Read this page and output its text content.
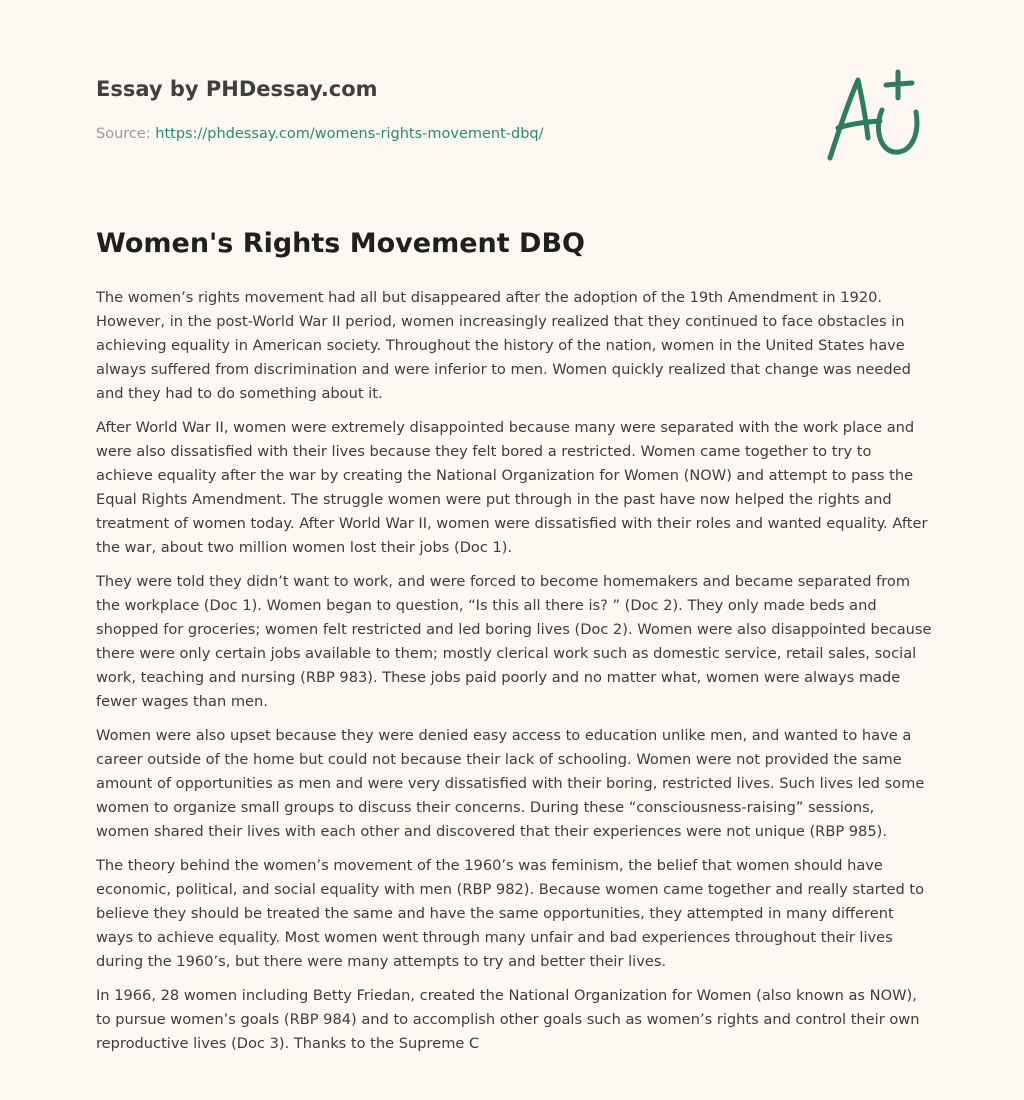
Essay by PHDessay.com
Source: https://phdessay.com/womens-rights-movement-dbq/
Women's Rights Movement DBQ

The women’s rights movement had all but disappeared after the adoption of the 19th Amendment in 1920. However, in the post-World War II period, women increasingly realized that they continued to face obstacles in achieving equality in American society. Throughout the history of the nation, women in the United States have always suffered from discrimination and were inferior to men. Women quickly realized that change was needed and they had to do something about it.

After World War II, women were extremely disappointed because many were separated with the work place and were also dissatisfied with their lives because they felt bored a restricted. Women came together to try to achieve equality after the war by creating the National Organization for Women (NOW) and attempt to pass the Equal Rights Amendment. The struggle women were put through in the past have now helped the rights and treatment of women today. After World War II, women were dissatisfied with their roles and wanted equality. After the war, about two million women lost their jobs (Doc 1).

They were told they didn’t want to work, and were forced to become homemakers and became separated from the workplace (Doc 1). Women began to question, “Is this all there is? ” (Doc 2). They only made beds and shopped for groceries; women felt restricted and led boring lives (Doc 2). Women were also disappointed because there were only certain jobs available to them; mostly clerical work such as domestic service, retail sales, social work, teaching and nursing (RBP 983). These jobs paid poorly and no matter what, women were always made fewer wages than men.

Women were also upset because they were denied easy access to education unlike men, and wanted to have a career outside of the home but could not because their lack of schooling. Women were not provided the same amount of opportunities as men and were very dissatisfied with their boring, restricted lives. Such lives led some women to organize small groups to discuss their concerns. During these “consciousness-raising” sessions, women shared their lives with each other and discovered that their experiences were not unique (RBP 985).

The theory behind the women’s movement of the 1960’s was feminism, the belief that women should have economic, political, and social equality with men (RBP 982). Because women came together and really started to believe they should be treated the same and have the same opportunities, they attempted in many different ways to achieve equality. Most women went through many unfair and bad experiences throughout their lives during the 1960’s, but there were many attempts to try and better their lives.

In 1966, 28 women including Betty Friedan, created the National Organization for Women (also known as NOW), to pursue women’s goals (RBP 984) and to accomplish other goals such as women’s rights and control their own reproductive lives (Doc 3). Thanks to the Supreme C
